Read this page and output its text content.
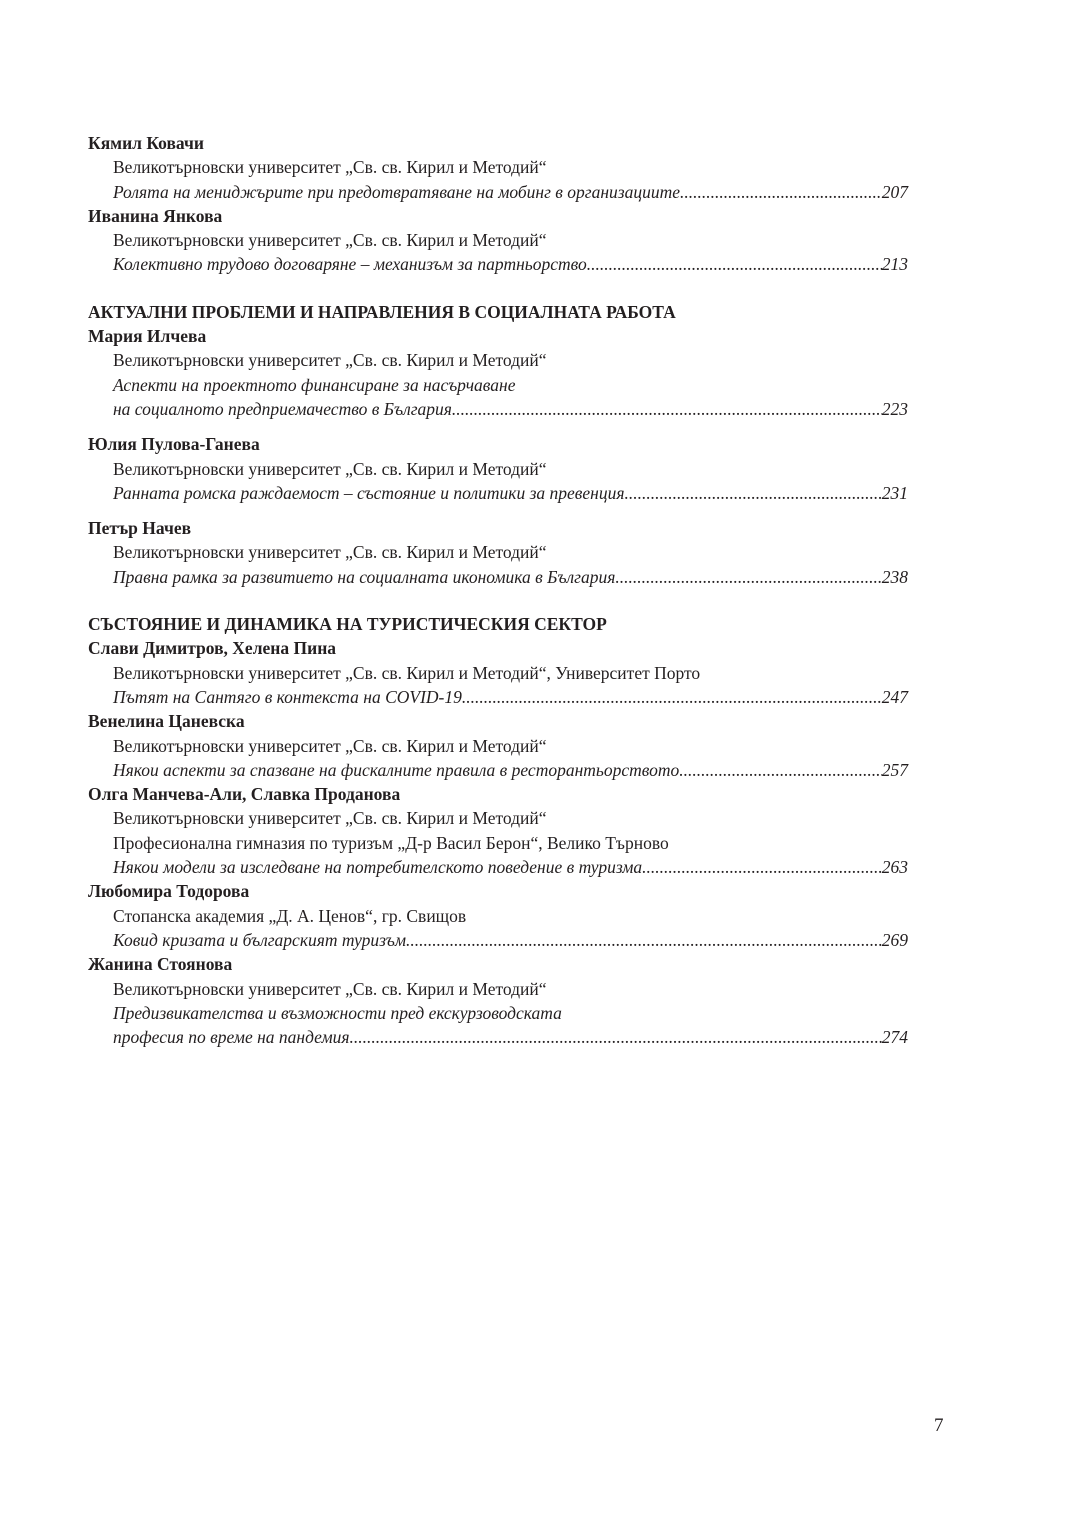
Кямил Ковачи
Великотърновски университет „Св. св. Кирил и Методий“
Ролята на мениджърите при предотвратяване на мобинг в организациите .....	207
Иванина Янкова
Великотърновски университет „Св. св. Кирил и Методий“
Колективно трудово договаряне – механизъм за партньорство .....	213
АКТУАЛНИ ПРОБЛЕМИ И НАПРАВЛЕНИЯ В СОЦИАЛНАТА РАБОТА
Мария Илчева
Великотърновски университет „Св. св. Кирил и Методий“
Аспекти на проектното финансиране за насърчаване
на социалното предприемачество в България .....	223
Юлия Пулова-Ганева
Великотърновски университет „Св. св. Кирил и Методий“
Ранната ромска раждаемост – състояние и политики за превенция .....	231
Петър Начев
Великотърновски университет „Св. св. Кирил и Методий“
Правна рамка за развитието на социалната икономика в България .....	238
СЪСТОЯНИЕ И ДИНАМИКА НА ТУРИСТИЧЕСКИЯ СЕКТОР
Слави Димитров, Хелена Пина
Великотърновски университет „Св. св. Кирил и Методий“, Университет Порто
Пътят на Сантяго в контекста на COVID-19 .....	247
Венелина Цаневска
Великотърновски университет „Св. св. Кирил и Методий“
Някои аспекти за спазване на фискалните правила в ресторантьорството .....	257
Олга Манчева-Али, Славка Проданова
Великотърновски университет „Св. св. Кирил и Методий“
Професионална гимназия по туризъм „Д-р Васил Берон“, Велико Търново
Някои модели за изследване на потребителското поведение в туризма .....	263
Любомира Тодорова
Стопанска академия „Д. А. Ценов“, гр. Свищов
Ковид кризата и българският туризъм .....	269
Жанина Стоянова
Великотърновски университет „Св. св. Кирил и Методий“
Предизвикателства и възможности пред екскурзоводската
професия по време на пандемия .....	274
7
